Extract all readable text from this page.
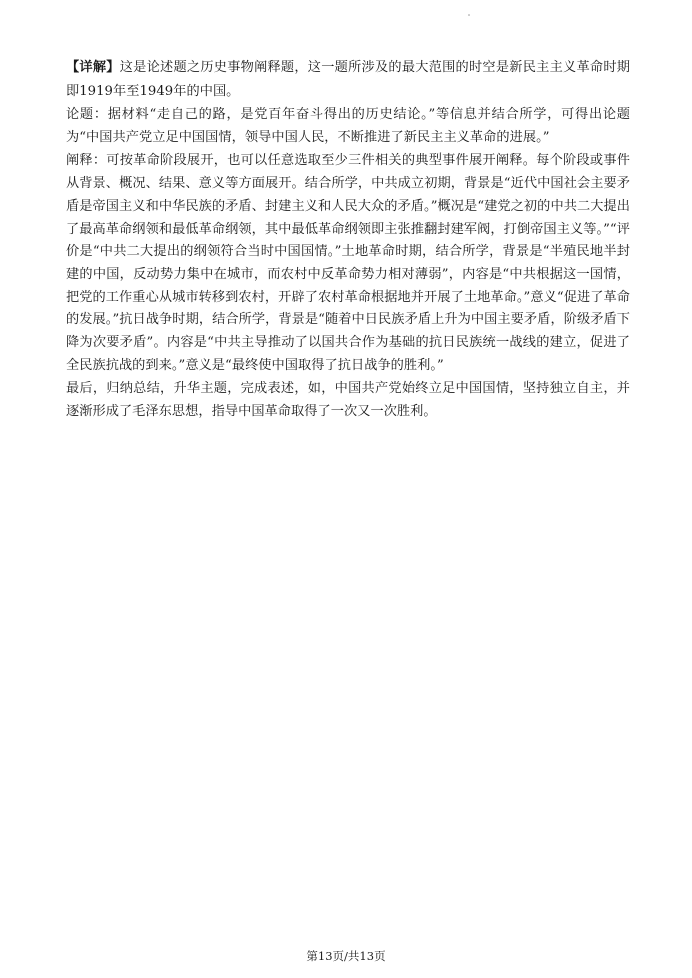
【详解】这是论述题之历史事物阐释题，这一题所涉及的最大范围的时空是新民主主义革命时期即1919年至1949年的中国。

论题：据材料“走自己的路，是党百年奋斗得出的历史结论。”等信息并结合所学，可得出论题为“中国共产党立足中国国情，领导中国人民，不断推进了新民主主义革命的进展。”

阐释：可按革命阶段展开，也可以任意选取至少三件相关的典型事件展开阐释。每个阶段或事件从背景、概况、结果、意义等方面展开。结合所学，中共成立初期，背景是“近代中国社会主要矛盾是帝国主义和中华民族的矛盾、封建主义和人民大众的矛盾。”概况是“建党之初的中共二大提出了最高革命纲领和最低革命纲领，其中最低革命纲领即主张推翻封建军阀，打倒帝国主义等。”“评价是“中共二大提出的纲领符合当时中国国情。”土地革命时期，结合所学，背景是“半殖民地半封建的中国，反动势力集中在城市，而农村中反革命势力相对薄弱”，内容是“中共根据这一国情，把党的工作重心从城市转移到农村，开辟了农村革命根据地并开展了土地革命。”意义“促进了革命的发展。”抗日战争时期，结合所学，背景是“随着中日民族矛盾上升为中国主要矛盾，阶级矛盾下降为次要矛盾”。内容是“中共主导推动了以国共合作为基础的抗日民族统一战线的建立，促进了全民族抗战的到来。”意义是“最终使中国取得了抗日战争的胜利。”

最后，归纳总结，升华主题，完成表述，如，中国共产党始终立足中国国情，坚持独立自主，并逐渐形成了毛泽东思想，指导中国革命取得了一次又一次胜利。

第13页/共13页
